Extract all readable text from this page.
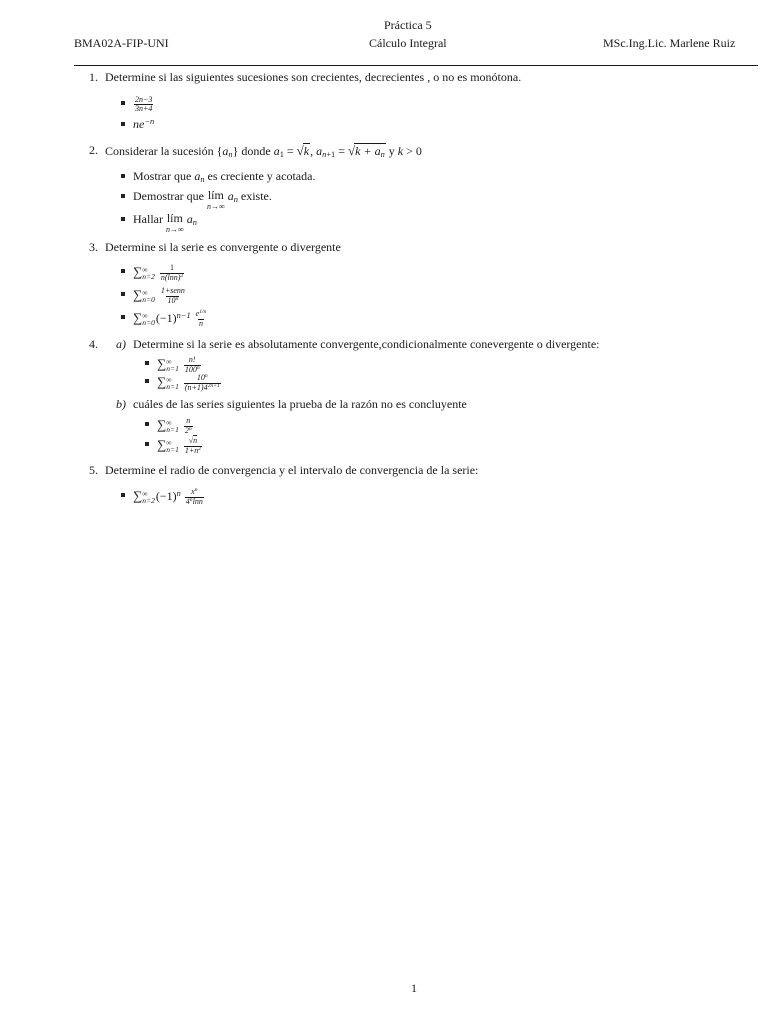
Práctica 5
BMA02A-FIP-UNI	Cálculo Integral	MSc.Ing.Lic. Marlene Ruiz
1. Determine si las siguientes sucesiones son crecientes, decrecientes , o no es monótona.
$\frac{2n-3}{3n+4}$
$ne^{-n}$
2. Considerar la sucesión $\{a_n\}$ donde $a_1$ = √ k , $a_{n+1}$ = √ $k + a_n$ y k > 0
Mostrar que $a_n$ es creciente y acotada.
Demostrar que lím
n→∞
$a_n$ existe.
Hallar lím
n→∞
$a_n$
3. Determine si la serie es convergente o divergente
∑ ∞
n=2
$\frac{1}{n(\ln n)^2}$
∑ ∞
n=0
$\frac{\text{1+senn}}{10^n}$
∑ ∞
n=0 $(-1)^{n-1} \frac{e^{1/n}}{n}$
4. a) Determine si la serie es absolutamente convergente,condicionalmente conevergente o divergente:
∑ ∞
n=1
$\frac{n!}{100^n}$
∑ ∞
n=1
$\frac{10^n}{(n+1)4^{2n+1}}$
b) cuáles de las series siguientes la prueba de la razón no es concluyente
∑ ∞
n=1
$\frac{n}{2^n}$
∑ ∞
n=1
$\frac{√n}{1+n^2}$
5. Determine el radio de convergencia y el intervalo de convergencia de la serie:
∑ ∞
n=2 $(-1)^n \frac{x^n}{4^n\ln n}$
1
